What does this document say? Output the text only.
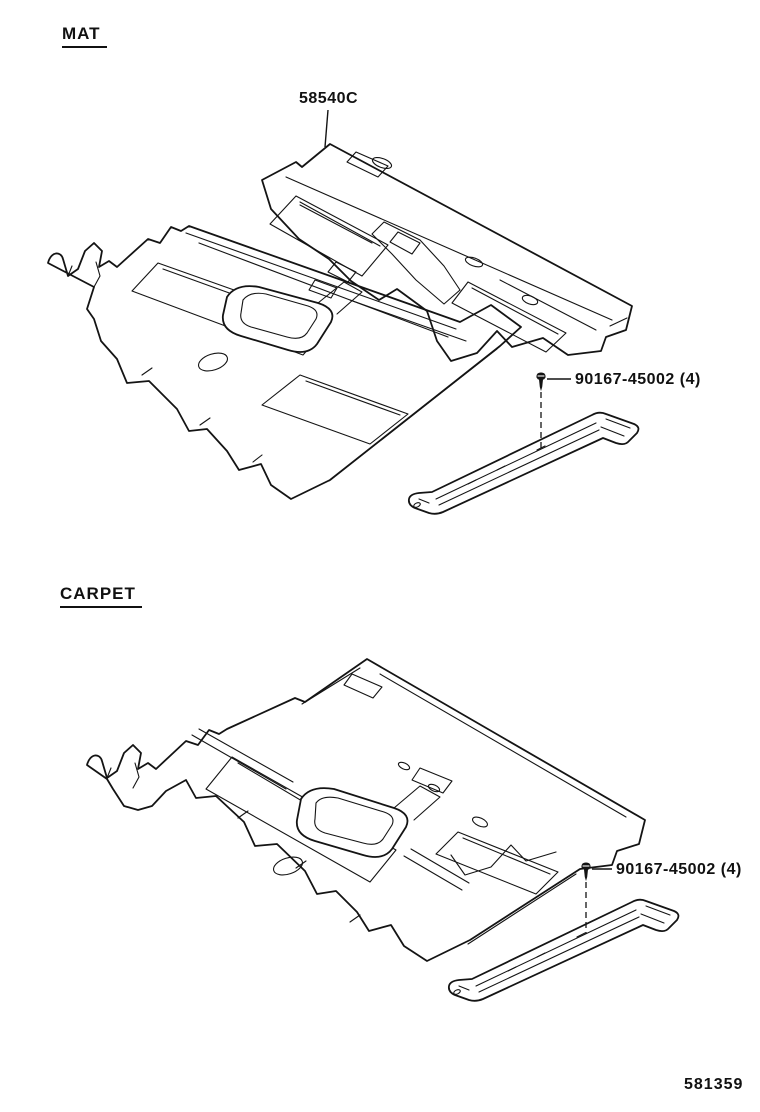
MAT
58540C
90167-45002 (4)
CARPET
90167-45002 (4)
581359
